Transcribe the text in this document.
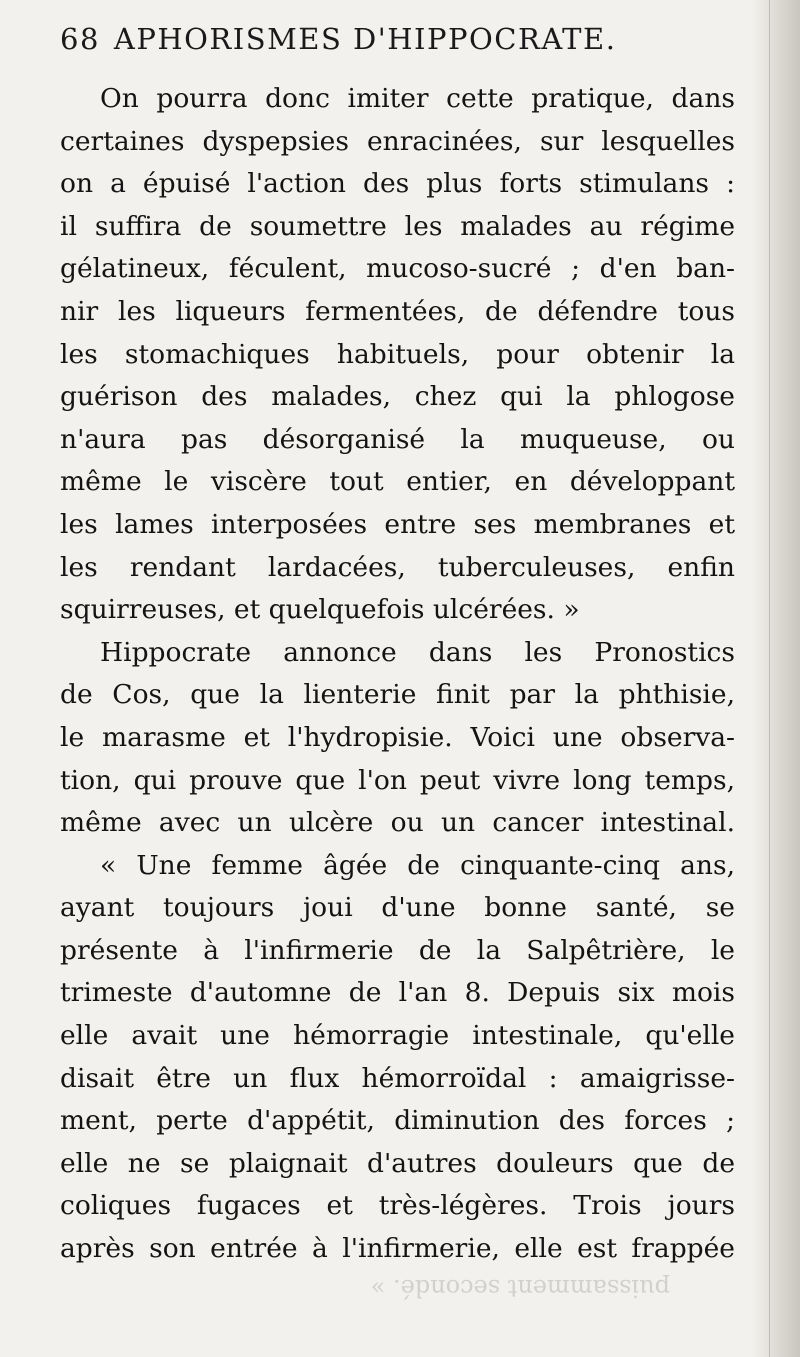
68 APHORISMES D'HIPPOCRATE.
On pourra donc imiter cette pratique, dans
certaines dyspepsies enracinées, sur lesquelles
on a épuisé l'action des plus forts stimulans :
il suffira de soumettre les malades au régime
gélatineux, féculent, mucoso-sucré ; d'en ban-
nir les liqueurs fermentées, de défendre tous
les stomachiques habituels, pour obtenir la
guérison des malades, chez qui la phlogose
n'aura pas désorganisé la muqueuse, ou
même le viscère tout entier, en développant
les lames interposées entre ses membranes et
les rendant lardacées, tuberculeuses, enfin
squirreuses, et quelquefois ulcérées. »
Hippocrate annonce dans les Pronostics
de Cos, que la lienterie finit par la phthisie,
le marasme et l'hydropisie. Voici une observa-
tion, qui prouve que l'on peut vivre long temps,
même avec un ulcère ou un cancer intestinal.
« Une femme âgée de cinquante-cinq ans,
ayant toujours joui d'une bonne santé, se
présente à l'infirmerie de la Salpêtrière, le
trimeste d'automne de l'an 8. Depuis six mois
elle avait une hémorragie intestinale, qu'elle
disait être un flux hémorroïdal : amaigrisse-
ment, perte d'appétit, diminution des forces ;
elle ne se plaignait d'autres douleurs que de
coliques fugaces et très-légères. Trois jours
après son entrée à l'infirmerie, elle est frappée
puissamment secondé. »
